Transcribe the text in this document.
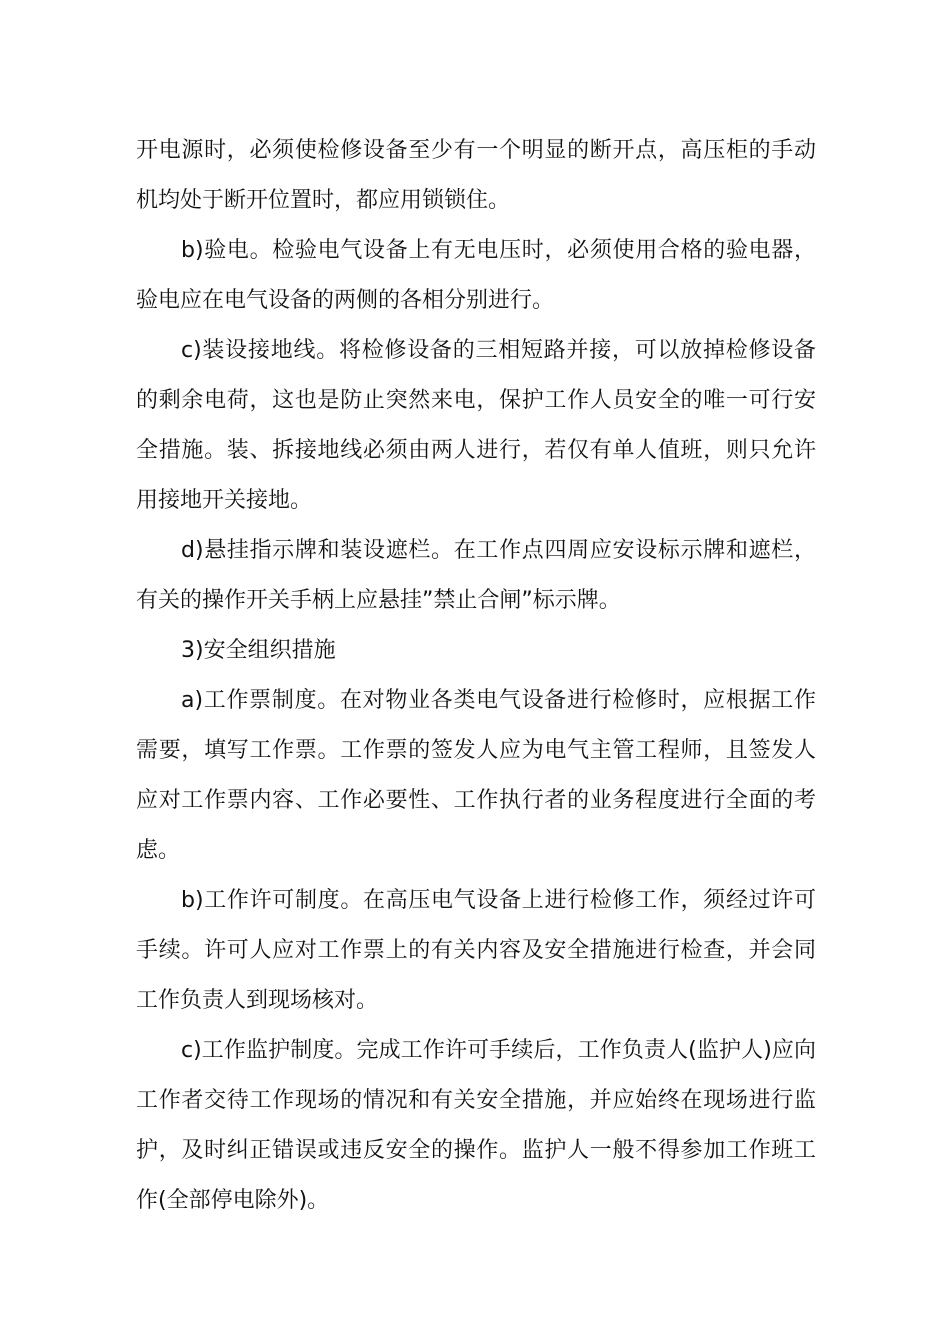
开电源时，必须使检修设备至少有一个明显的断开点，高压柜的手动机均处于断开位置时，都应用锁锁住。

b)验电。检验电气设备上有无电压时，必须使用合格的验电器，验电应在电气设备的两侧的各相分别进行。

c)装设接地线。将检修设备的三相短路并接，可以放掉检修设备的剩余电荷，这也是防止突然来电，保护工作人员安全的唯一可行安全措施。装、拆接地线必须由两人进行，若仅有单人值班，则只允许用接地开关接地。

d)悬挂指示牌和装设遮栏。在工作点四周应安设标示牌和遮栏，有关的操作开关手柄上应悬挂”禁止合闸”标示牌。

3)安全组织措施

a)工作票制度。在对物业各类电气设备进行检修时，应根据工作需要，填写工作票。工作票的签发人应为电气主管工程师，且签发人应对工作票内容、工作必要性、工作执行者的业务程度进行全面的考虑。

b)工作许可制度。在高压电气设备上进行检修工作，须经过许可手续。许可人应对工作票上的有关内容及安全措施进行检查，并会同工作负责人到现场核对。

c)工作监护制度。完成工作许可手续后，工作负责人(监护人)应向工作者交待工作现场的情况和有关安全措施，并应始终在现场进行监护，及时纠正错误或违反安全的操作。监护人一般不得参加工作班工作(全部停电除外)。
